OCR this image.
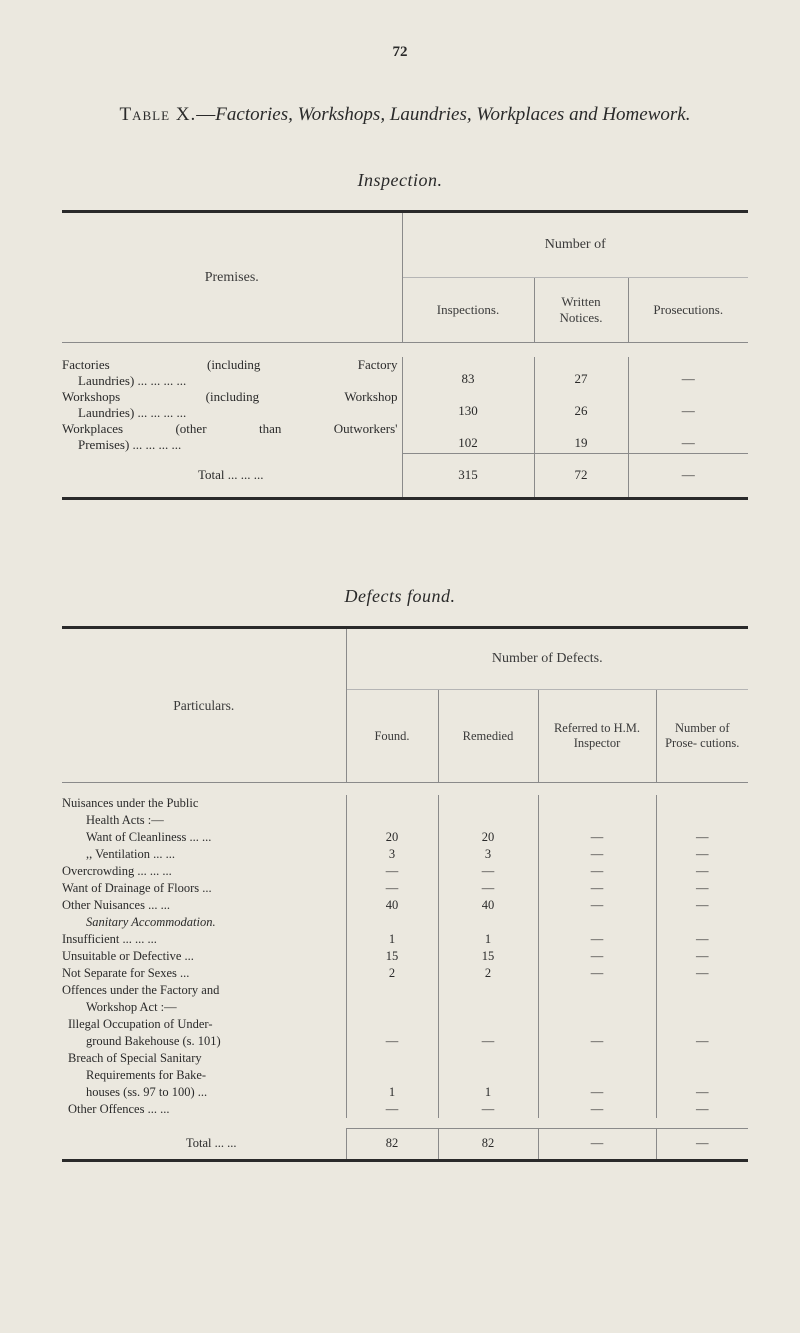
72
Table X.—Factories, Workshops, Laundries, Workplaces and Homework.
Inspection.
Premises.	Number of		
	Inspections.	Written Notices.	Prosecutions.

Factories (including Factory
Laundries) ... ... ... ...	83	27	—

Workshops (including Workshop
Laundries) ... ... ... ...	130	26	—

Workplaces (other than Outworkers'
Premises) ... ... ... ...	102	19	—
Total ... ... ...	315	72	—
Defects found.
Particulars.	Number of Defects.			
	Found.	Remedied	Referred to H.M. Inspector	Number of Prose- cutions.

Nuisances under the Public				
Health Acts :—				
Want of Cleanliness ... ...	20	20	—	—
,, Ventilation ... ...	3	3	—	—
Overcrowding ... ... ...	—	—	—	—
Want of Drainage of Floors ...	—	—	—	—
Other Nuisances ... ...	40	40	—	—
Sanitary Accommodation.				
Insufficient ... ... ...	1	1	—	—
Unsuitable or Defective ...	15	15	—	—
Not Separate for Sexes ...	2	2	—	—
Offences under the Factory and				
Workshop Act :—				
Illegal Occupation of Under-				
ground Bakehouse (s. 101)	—	—	—	—
Breach of Special Sanitary				
Requirements for Bake-				
houses (ss. 97 to 100) ...	1	1	—	—
Other Offences ... ...	—	—	—	—

Total ... ...	82	82	—	—
